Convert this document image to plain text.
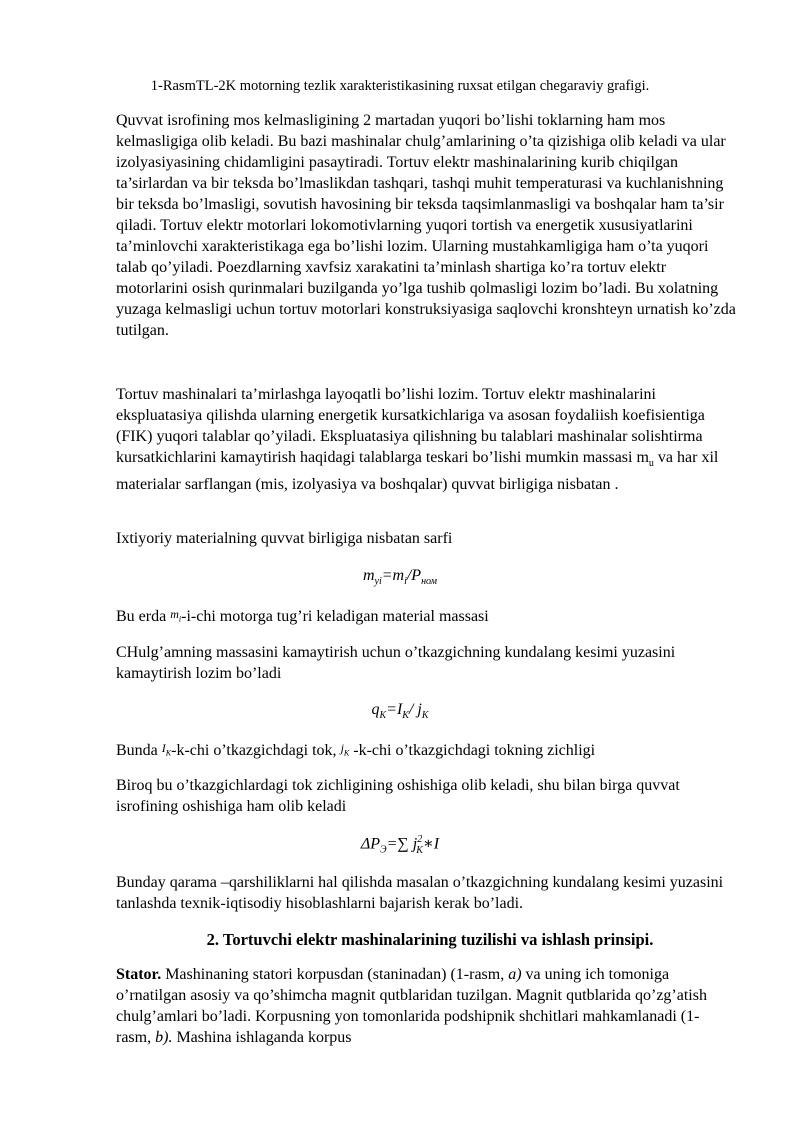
1-RasmTL-2K motorning tezlik xarakteristikasining ruxsat etilgan chegaraviy grafigi.

Quvvat isrofining mos kelmasligining 2 martadan yuqori bo’lishi toklarning ham mos kelmasligiga olib keladi. Bu bazi mashinalar chulg’amlarining o’ta qizishiga olib keladi va ular izolyasiyasining chidamligini pasaytiradi. Tortuv elektr mashinalarining kurib chiqilgan ta’sirlardan va bir teksda bo’lmaslikdan tashqari, tashqi muhit temperaturasi va kuchlanishning bir teksda bo’lmasligi, sovutish havosining bir teksda taqsimlanmasligi va boshqalar ham ta’sir qiladi. Tortuv elektr motorlari lokomotivlarning yuqori tortish va energetik xususiyatlarini ta’minlovchi xarakteristikaga ega bo’lishi lozim. Ularning mustahkamligiga ham o’ta yuqori talab qo’yiladi. Poezdlarning xavfsiz xarakatini ta’minlash shartiga ko’ra tortuv elektr motorlarini osish qurinmalari buzilganda yo’lga tushib qolmasligi lozim bo’ladi. Bu xolatning yuzaga kelmasligi uchun tortuv motorlari konstruksiyasiga saqlovchi kronshteyn urnatish ko’zda tutilgan.

Tortuv mashinalari ta’mirlashga layoqatli bo’lishi lozim. Tortuv elektr mashinalarini ekspluatasiya qilishda ularning energetik kursatkichlariga va asosan foydaliish koefisientiga (FIK) yuqori talablar qo’yiladi. Ekspluatasiya qilishning bu talablari mashinalar solishtirma kursatkichlarini kamaytirish haqidagi talablarga teskari bo’lishi mumkin massasi $m_u$ va har xil materialar sarflangan (mis, izolyasiya va boshqalar) quvvat birligiga nisbatan .

Ixtiyoriy materialning quvvat birligiga nisbatan sarfi

$m_{yi}=m_i/P_{ном}$

Bu erda $m_i-i$-chi motorga tug’ri keladigan material massasi

CHulg’amning massasini kamaytirish uchun o’tkazgichning kundalang kesimi yuzasini kamaytirish lozim bo’ladi

$q_K=I_K/$ $j_K$

Bunda $I_K-k$-chi o’tkazgichdagi tok, $j_K$ -k-chi o’tkazgichdagi tokning zichligi

Biroq bu o’tkazgichlardagi tok zichligining oshishiga olib keladi, shu bilan birga quvvat isrofining oshishiga ham olib keladi

$\Delta P_Э=\sum$ $j^2_K∗I$

Bunday qarama –qarshiliklarni hal qilishda masalan o’tkazgichning kundalang kesimi yuzasini tanlashda texnik-iqtisodiy hisoblashlarni bajarish kerak bo’ladi.

2. Tortuvchi elektr mashinalarining tuzilishi va ishlash prinsipi.

Stator. Mashinaning statori korpusdan (staninadan) (1-rasm, a) va uning ich tomoniga o’rnatilgan asosiy va qo’shimcha magnit qutblaridan tuzilgan. Magnit qutblarida qo’zg’atish chulg’amlari bo’ladi. Korpusning yon tomonlarida podshipnik shchitlari mahkamlanadi (1- rasm, b). Mashina ishlaganda korpus
